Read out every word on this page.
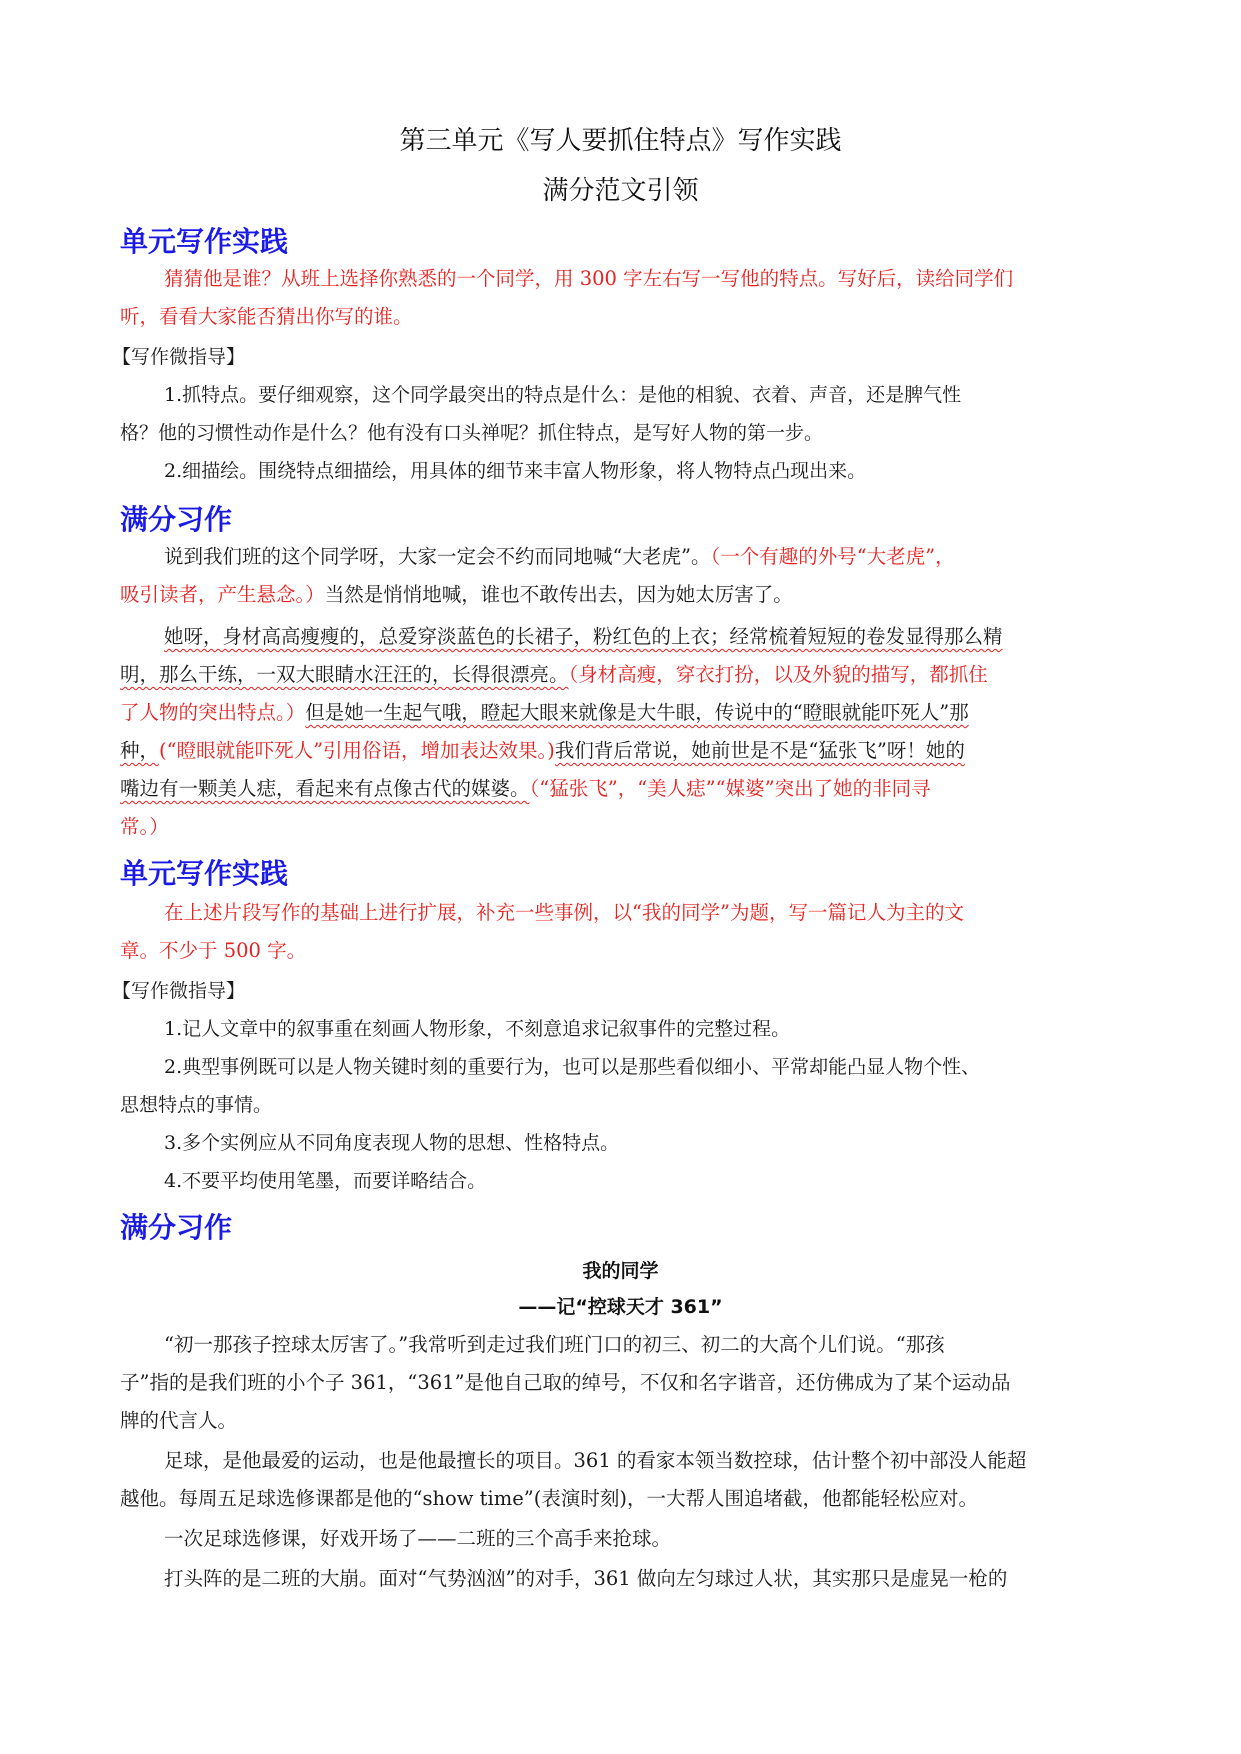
第三单元《写人要抓住特点》写作实践
满分范文引领
单元写作实践
猜猜他是谁？从班上选择你熟悉的一个同学，用 300 字左右写一写他的特点。写好后，读给同学们
听，看看大家能否猜出你写的谁。
【写作微指导】
1.抓特点。要仔细观察，这个同学最突出的特点是什么：是他的相貌、衣着、声音，还是脾气性
格？他的习惯性动作是什么？他有没有口头禅呢？抓住特点，是写好人物的第一步。
2.细描绘。围绕特点细描绘，用具体的细节来丰富人物形象，将人物特点凸现出来。
满分习作
说到我们班的这个同学呀，大家一定会不约而同地喊“大老虎”。（一个有趣的外号“大老虎”，
吸引读者，产生悬念。）当然是悄悄地喊，谁也不敢传出去，因为她太厉害了。
她呀，身材高高瘦瘦的，总爱穿淡蓝色的长裙子，粉红色的上衣；经常梳着短短的卷发显得那么精
明，那么干练，一双大眼睛水汪汪的，长得很漂亮。（身材高瘦，穿衣打扮，以及外貌的描写，都抓住
了人物的突出特点。）但是她一生起气哦，瞪起大眼来就像是大牛眼，传说中的“瞪眼就能吓死人”那
种，(“瞪眼就能吓死人”引用俗语，增加表达效果。)我们背后常说，她前世是不是“猛张飞”呀！她的
嘴边有一颗美人痣，看起来有点像古代的媒婆。（“猛张飞”，“美人痣”“媒婆”突出了她的非同寻
常。）
单元写作实践
在上述片段写作的基础上进行扩展，补充一些事例，以“我的同学”为题，写一篇记人为主的文
章。不少于 500 字。
【写作微指导】
1.记人文章中的叙事重在刻画人物形象，不刻意追求记叙事件的完整过程。
2.典型事例既可以是人物关键时刻的重要行为，也可以是那些看似细小、平常却能凸显人物个性、
思想特点的事情。
3.多个实例应从不同角度表现人物的思想、性格特点。
4.不要平均使用笔墨，而要详略结合。
满分习作
我的同学
——记“控球天才 361”
“初一那孩子控球太厉害了。”我常听到走过我们班门口的初三、初二的大高个儿们说。“那孩
子”指的是我们班的小个子 361，“361”是他自己取的绰号，不仅和名字谐音，还仿佛成为了某个运动品
牌的代言人。
足球，是他最爱的运动，也是他最擅长的项目。361 的看家本领当数控球，估计整个初中部没人能超
越他。每周五足球选修课都是他的“show time”(表演时刻)，一大帮人围追堵截，他都能轻松应对。
一次足球选修课，好戏开场了——二班的三个高手来抢球。
打头阵的是二班的大崩。面对“气势汹汹”的对手，361 做向左匀球过人状，其实那只是虚晃一枪的
